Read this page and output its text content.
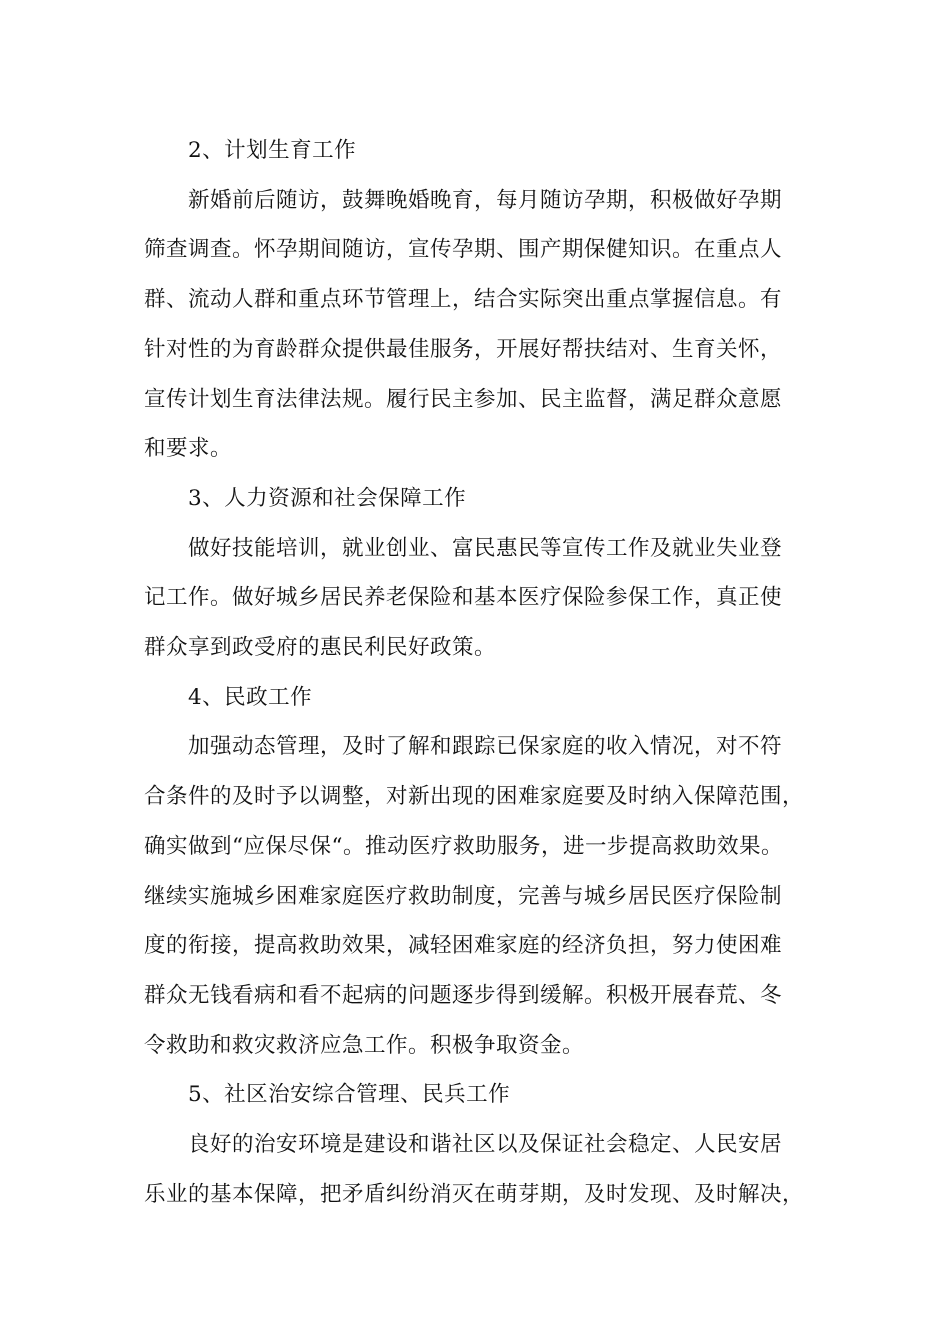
2、计划生育工作

新婚前后随访，鼓舞晚婚晚育，每月随访孕期，积极做好孕期

筛查调查。怀孕期间随访，宣传孕期、围产期保健知识。在重点人

群、流动人群和重点环节管理上，结合实际突出重点掌握信息。有

针对性的为育龄群众提供最佳服务，开展好帮扶结对、生育关怀，

宣传计划生育法律法规。履行民主参加、民主监督，满足群众意愿

和要求。

3、人力资源和社会保障工作

做好技能培训，就业创业、富民惠民等宣传工作及就业失业登

记工作。做好城乡居民养老保险和基本医疗保险参保工作，真正使

群众享到政受府的惠民利民好政策。

4、民政工作

加强动态管理，及时了解和跟踪已保家庭的收入情况，对不符

合条件的及时予以调整，对新出现的困难家庭要及时纳入保障范围，

确实做到“应保尽保“。推动医疗救助服务，进一步提高救助效果。

继续实施城乡困难家庭医疗救助制度，完善与城乡居民医疗保险制

度的衔接，提高救助效果，减轻困难家庭的经济负担，努力使困难

群众无钱看病和看不起病的问题逐步得到缓解。积极开展春荒、冬

令救助和救灾救济应急工作。积极争取资金。

5、社区治安综合管理、民兵工作

良好的治安环境是建设和谐社区以及保证社会稳定、人民安居

乐业的基本保障，把矛盾纠纷消灭在萌芽期，及时发现、及时解决，
